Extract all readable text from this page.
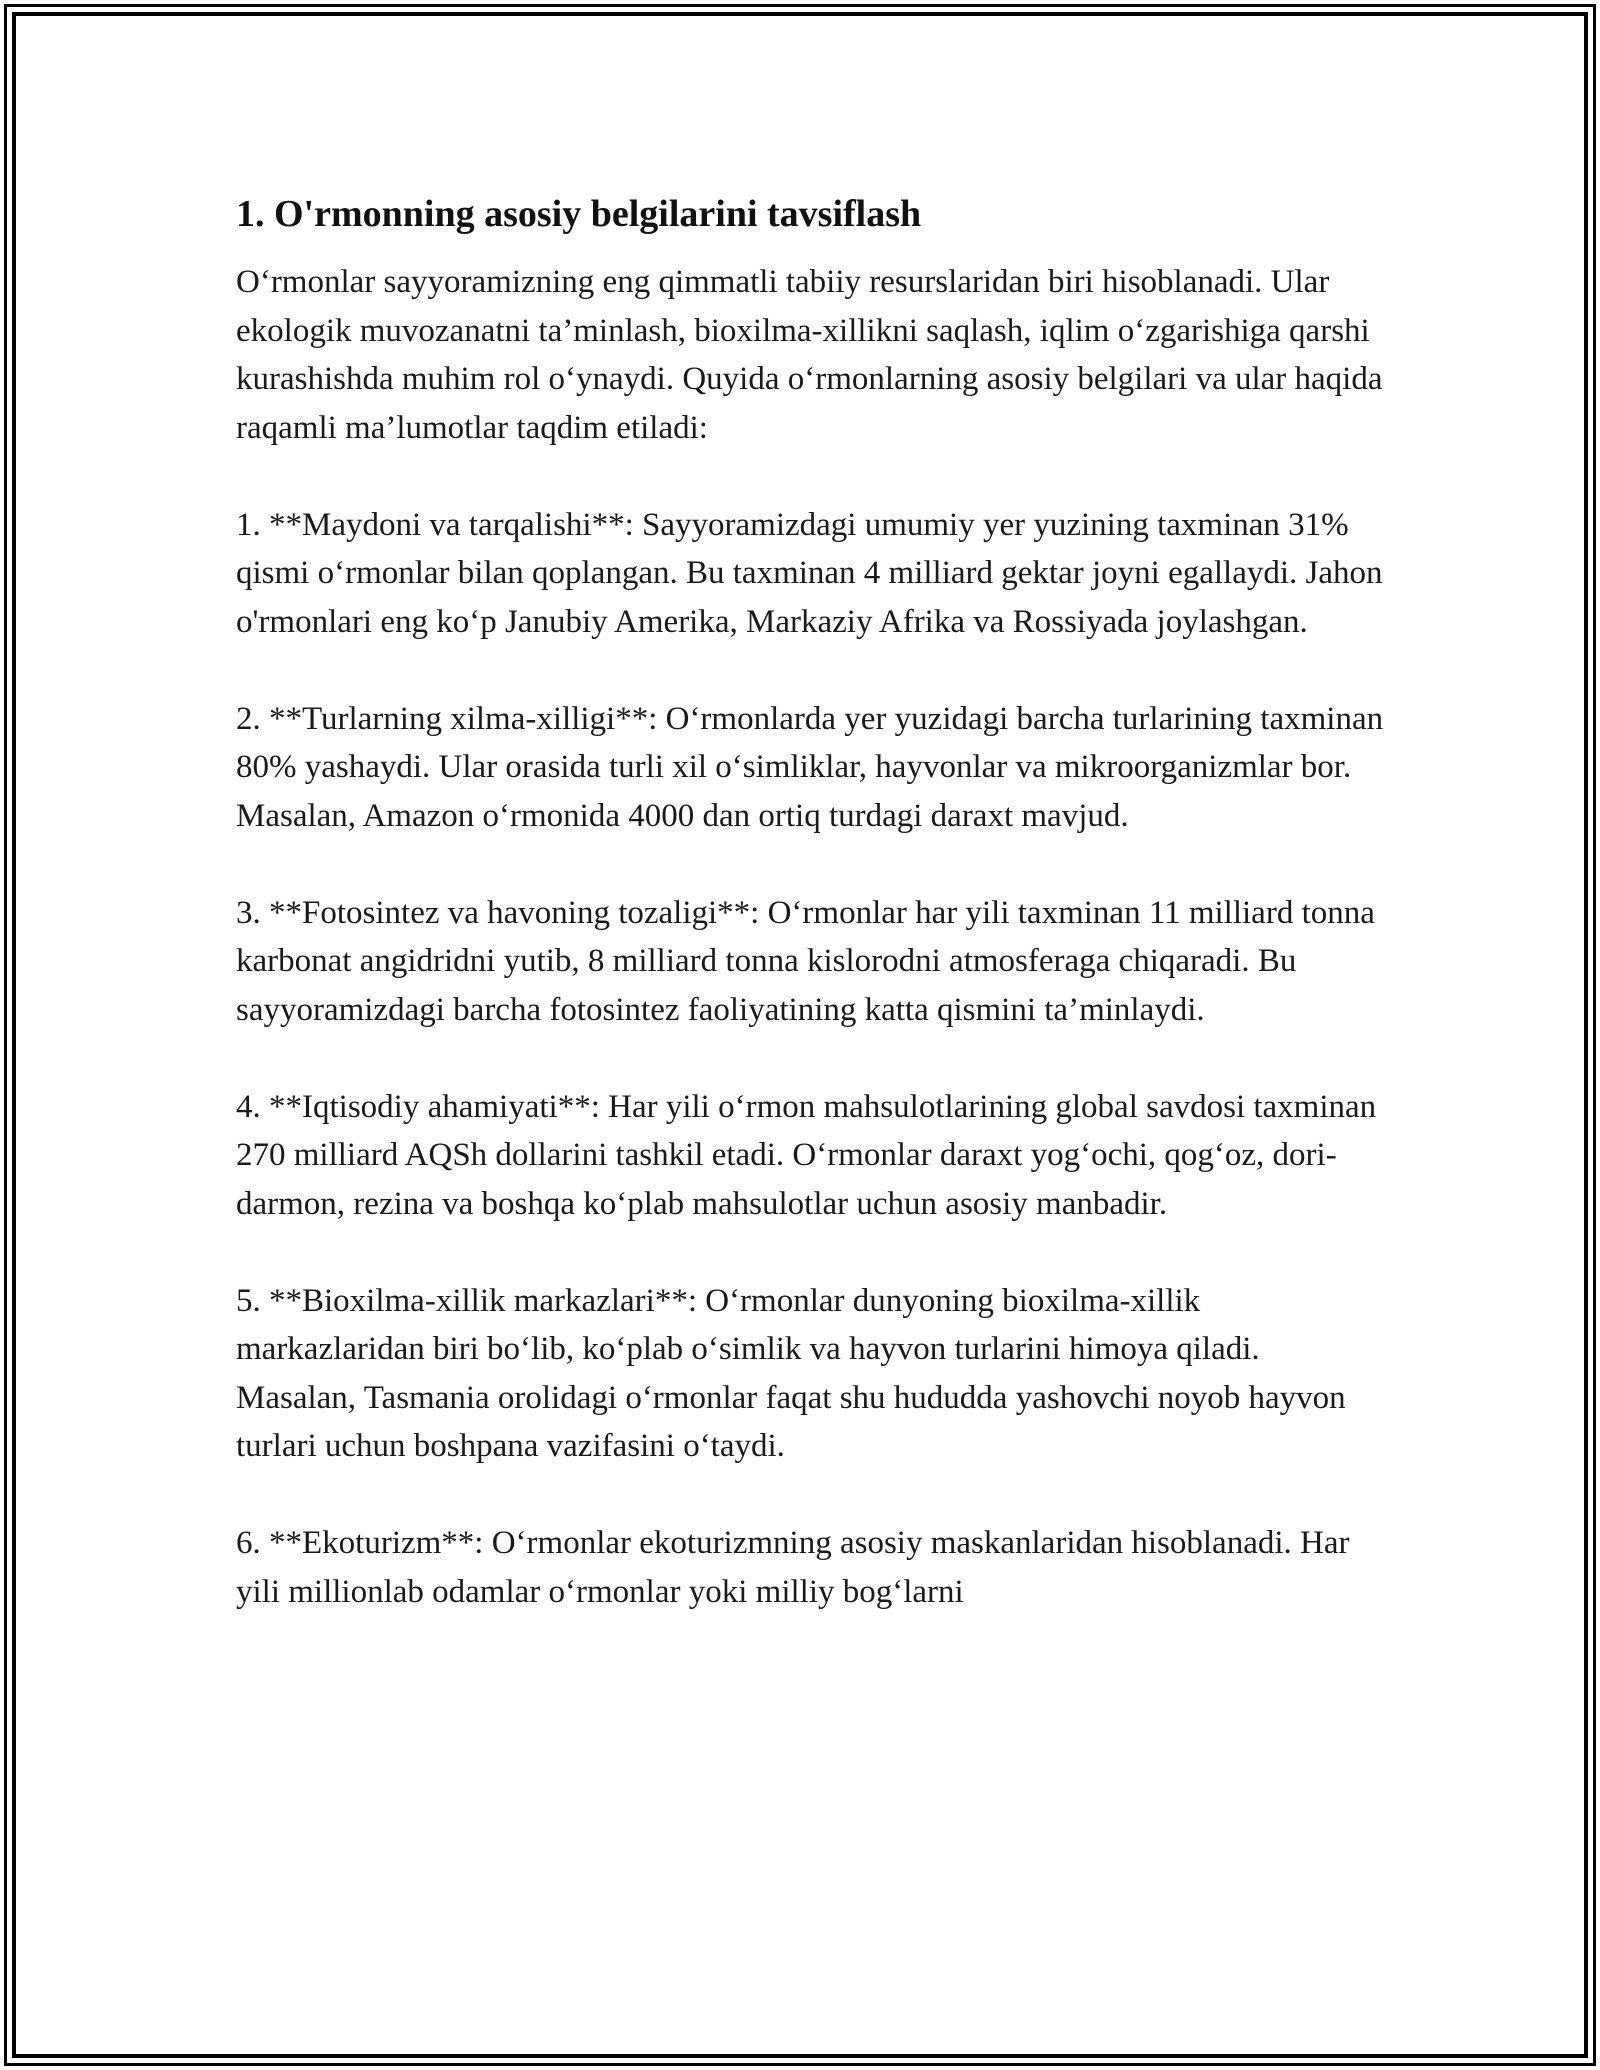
1. O'rmonning asosiy belgilarini tavsiflash

O‘rmonlar sayyoramizning eng qimmatli tabiiy resurslaridan biri hisoblanadi. Ular ekologik muvozanatni ta’minlash, bioxilma-xillikni saqlash, iqlim o‘zgarishiga qarshi kurashishda muhim rol o‘ynaydi. Quyida o‘rmonlarning asosiy belgilari va ular haqida raqamli ma’lumotlar taqdim etiladi:

1. **Maydoni va tarqalishi**: Sayyoramizdagi umumiy yer yuzining taxminan 31% qismi o‘rmonlar bilan qoplangan. Bu taxminan 4 milliard gektar joyni egallaydi. Jahon o'rmonlari eng ko‘p Janubiy Amerika, Markaziy Afrika va Rossiyada joylashgan.

2. **Turlarning xilma-xilligi**: O‘rmonlarda yer yuzidagi barcha turlarining taxminan 80% yashaydi. Ular orasida turli xil o‘simliklar, hayvonlar va mikroorganizmlar bor. Masalan, Amazon o‘rmonida 4000 dan ortiq turdagi daraxt mavjud.

3. **Fotosintez va havoning tozaligi**: O‘rmonlar har yili taxminan 11 milliard tonna karbonat angidridni yutib, 8 milliard tonna kislorodni atmosferaga chiqaradi. Bu sayyoramizdagi barcha fotosintez faoliyatining katta qismini ta’minlaydi.

4. **Iqtisodiy ahamiyati**: Har yili o‘rmon mahsulotlarining global savdosi taxminan 270 milliard AQSh dollarini tashkil etadi. O‘rmonlar daraxt yog‘ochi, qog‘oz, dori-darmon, rezina va boshqa ko‘plab mahsulotlar uchun asosiy manbadir.

5. **Bioxilma-xillik markazlari**: O‘rmonlar dunyoning bioxilma-xillik markazlaridan biri bo‘lib, ko‘plab o‘simlik va hayvon turlarini himoya qiladi. Masalan, Tasmania orolidagi o‘rmonlar faqat shu hududda yashovchi noyob hayvon turlari uchun boshpana vazifasini o‘taydi.

6. **Ekoturizm**: O‘rmonlar ekoturizmning asosiy maskanlaridan hisoblanadi. Har yili millionlab odamlar o‘rmonlar yoki milliy bog‘larni
